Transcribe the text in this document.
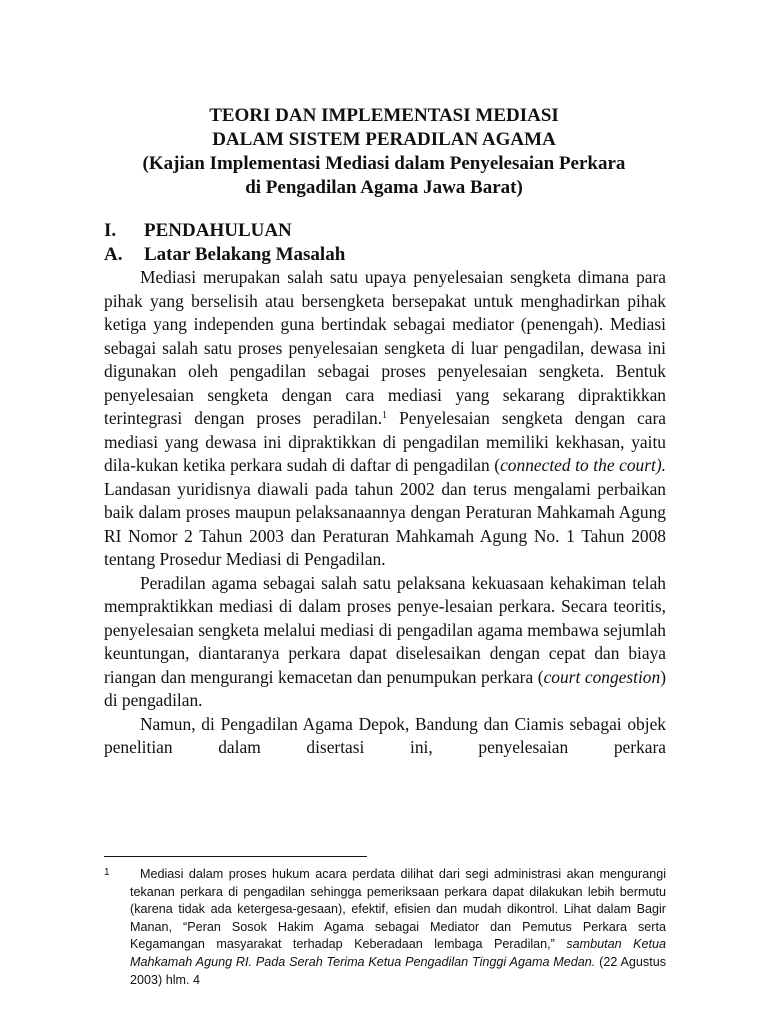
TEORI DAN IMPLEMENTASI MEDIASI
DALAM SISTEM PERADILAN AGAMA
(Kajian Implementasi Mediasi dalam Penyelesaian Perkara
di Pengadilan Agama Jawa Barat)
I. PENDAHULUAN
A. Latar Belakang Masalah

Mediasi merupakan salah satu upaya penyelesaian sengketa dimana para pihak yang berselisih atau bersengketa bersepakat untuk menghadirkan pihak ketiga yang independen guna bertindak sebagai mediator (penengah). Mediasi sebagai salah satu proses penyelesaian sengketa di luar pengadilan, dewasa ini digunakan oleh pengadilan sebagai proses penyelesaian sengketa. Bentuk penyelesaian sengketa dengan cara mediasi yang sekarang dipraktikkan terintegrasi dengan proses peradilan.$^1$ Penyelesaian sengketa dengan cara mediasi yang dewasa ini dipraktikkan di pengadilan memiliki kekhasan, yaitu dila-kukan ketika perkara sudah di daftar di pengadilan (connected to the court). Landasan yuridisnya diawali pada tahun 2002 dan terus mengalami perbaikan baik dalam proses maupun pelaksanaannya dengan Peraturan Mahkamah Agung RI Nomor 2 Tahun 2003 dan Peraturan Mahkamah Agung No. 1 Tahun 2008 tentang Prosedur Mediasi di Pengadilan.

Peradilan agama sebagai salah satu pelaksana kekuasaan kehakiman telah mempraktikkan mediasi di dalam proses penye-lesaian perkara. Secara teoritis, penyelesaian sengketa melalui mediasi di pengadilan agama membawa sejumlah keuntungan, diantaranya perkara dapat diselesaikan dengan cepat dan biaya riangan dan mengurangi kemacetan dan penumpukan perkara (court congestion) di pengadilan.

Namun, di Pengadilan Agama Depok, Bandung dan Ciamis sebagai objek penelitian dalam disertasi ini, penyelesaian perkara

1	Mediasi dalam proses hukum acara perdata dilihat dari segi administrasi akan mengurangi tekanan perkara di pengadilan sehingga pemeriksaan perkara dapat dilakukan lebih bermutu (karena tidak ada ketergesa-gesaan), efektif, efisien dan mudah dikontrol. Lihat dalam Bagir Manan, “Peran Sosok Hakim Agama sebagai Mediator dan Pemutus Perkara serta Kegamangan masyarakat terhadap Keberadaan lembaga Peradilan,” sambutan Ketua Mahkamah Agung RI. Pada Serah Terima Ketua Pengadilan Tinggi Agama Medan. (22 Agustus 2003) hlm. 4
